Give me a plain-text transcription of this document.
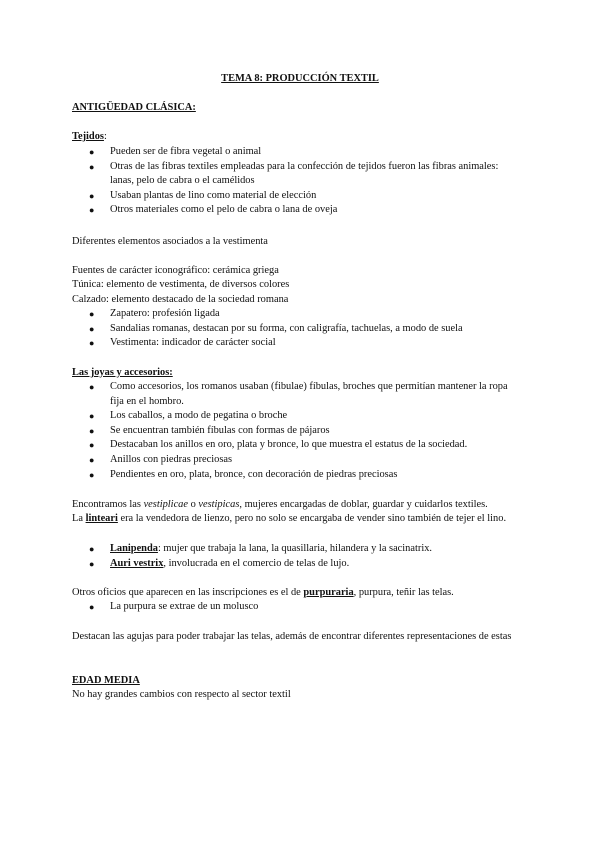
TEMA 8: PRODUCCIÓN TEXTIL
ANTIGÜEDAD CLÁSICA:
Tejidos:
● Pueden ser de fibra vegetal o animal
● Otras de las fibras textiles empleadas para la confección de tejidos fueron las fibras animales: lanas, pelo de cabra o el camélidos
● Usaban plantas de lino como material de elección
● Otros materiales como el pelo de cabra o lana de oveja
Diferentes elementos asociados a la vestimenta
Fuentes de carácter iconográfico: cerámica griega
Túnica: elemento de vestimenta, de diversos colores
Calzado: elemento destacado de la sociedad romana
● Zapatero: profesión ligada
● Sandalias romanas, destacan por su forma, con caligrafía, tachuelas, a modo de suela
● Vestimenta: indicador de carácter social
Las joyas y accesorios:
● Como accesorios, los romanos usaban (fibulae) fíbulas, broches que permitían mantener la ropa fija en el hombro.
● Los caballos, a modo de pegatina o broche
● Se encuentran también fíbulas con formas de pájaros
● Destacaban los anillos en oro, plata y bronce, lo que muestra el estatus de la sociedad.
● Anillos con piedras preciosas
● Pendientes en oro, plata, bronce, con decoración de piedras preciosas
Encontramos las vestiplicae o vestipicas, mujeres encargadas de doblar, guardar y cuidarlos textiles.
La linteari era la vendedora de lienzo, pero no solo se encargaba de vender sino también de tejer el lino.
● Lanipenda: mujer que trabaja la lana, la quasillaria, hilandera y la sacinatrix.
● Auri vestrix, involucrada en el comercio de telas de lujo.
Otros oficios que aparecen en las inscripciones es el de purpuraria, purpura, teñir las telas.
● La purpura se extrae de un molusco
Destacan las agujas para poder trabajar las telas, además de encontrar diferentes representaciones de estas
EDAD MEDIA
No hay grandes cambios con respecto al sector textil
